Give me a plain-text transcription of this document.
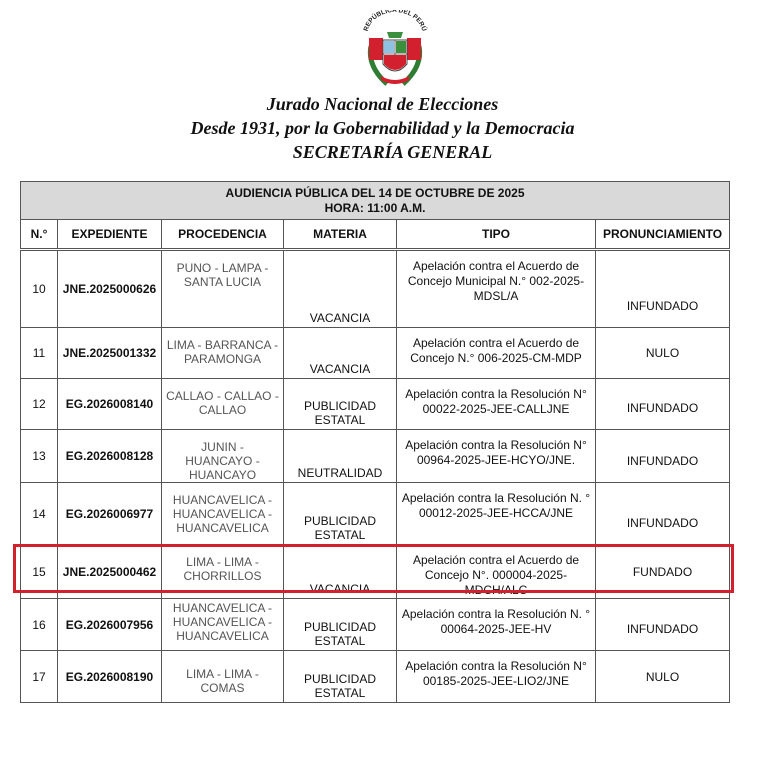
REPÚBLICA DEL PERÚ
Jurado Nacional de Elecciones
Desde 1931, por la Gobernabilidad y la Democracia
SECRETARÍA GENERAL
AUDIENCIA PÚBLICA DEL 14 DE OCTUBRE DE 2025
HORA: 11:00 A.M.

N.°	EXPEDIENTE	PROCEDENCIA	MATERIA	TIPO	PRONUNCIAMIENTO
10	JNE.2025000626	PUNO - LAMPA - SANTA LUCIA	VACANCIA	Apelación contra el Acuerdo de Concejo Municipal N.° 002-2025-MDSL/A	INFUNDADO
11	JNE.2025001332	LIMA - BARRANCA - PARAMONGA	VACANCIA	Apelación contra el Acuerdo de Concejo N.° 006-2025-CM-MDP	NULO
12	EG.2026008140	CALLAO - CALLAO - CALLAO	PUBLICIDAD ESTATAL	Apelación contra la Resolución N° 00022-2025-JEE-CALLJNE	INFUNDADO
13	EG.2026008128	JUNIN - HUANCAYO - HUANCAYO	NEUTRALIDAD	Apelación contra la Resolución N° 00964-2025-JEE-HCYO/JNE.	INFUNDADO
14	EG.2026006977	HUANCAVELICA - HUANCAVELICA - HUANCAVELICA	PUBLICIDAD ESTATAL	Apelación contra la Resolución N. ° 00012-2025-JEE-HCCA/JNE	INFUNDADO
15	JNE.2025000462	LIMA - LIMA - CHORRILLOS	VACANCIA	Apelación contra el Acuerdo de Concejo N°. 000004-2025-MDCH/ALC	FUNDADO
16	EG.2026007956	HUANCAVELICA - HUANCAVELICA - HUANCAVELICA	PUBLICIDAD ESTATAL	Apelación contra la Resolución N. ° 00064-2025-JEE-HV	INFUNDADO
17	EG.2026008190	LIMA - LIMA - COMAS	PUBLICIDAD ESTATAL	Apelación contra la Resolución N° 00185-2025-JEE-LIO2/JNE	NULO
